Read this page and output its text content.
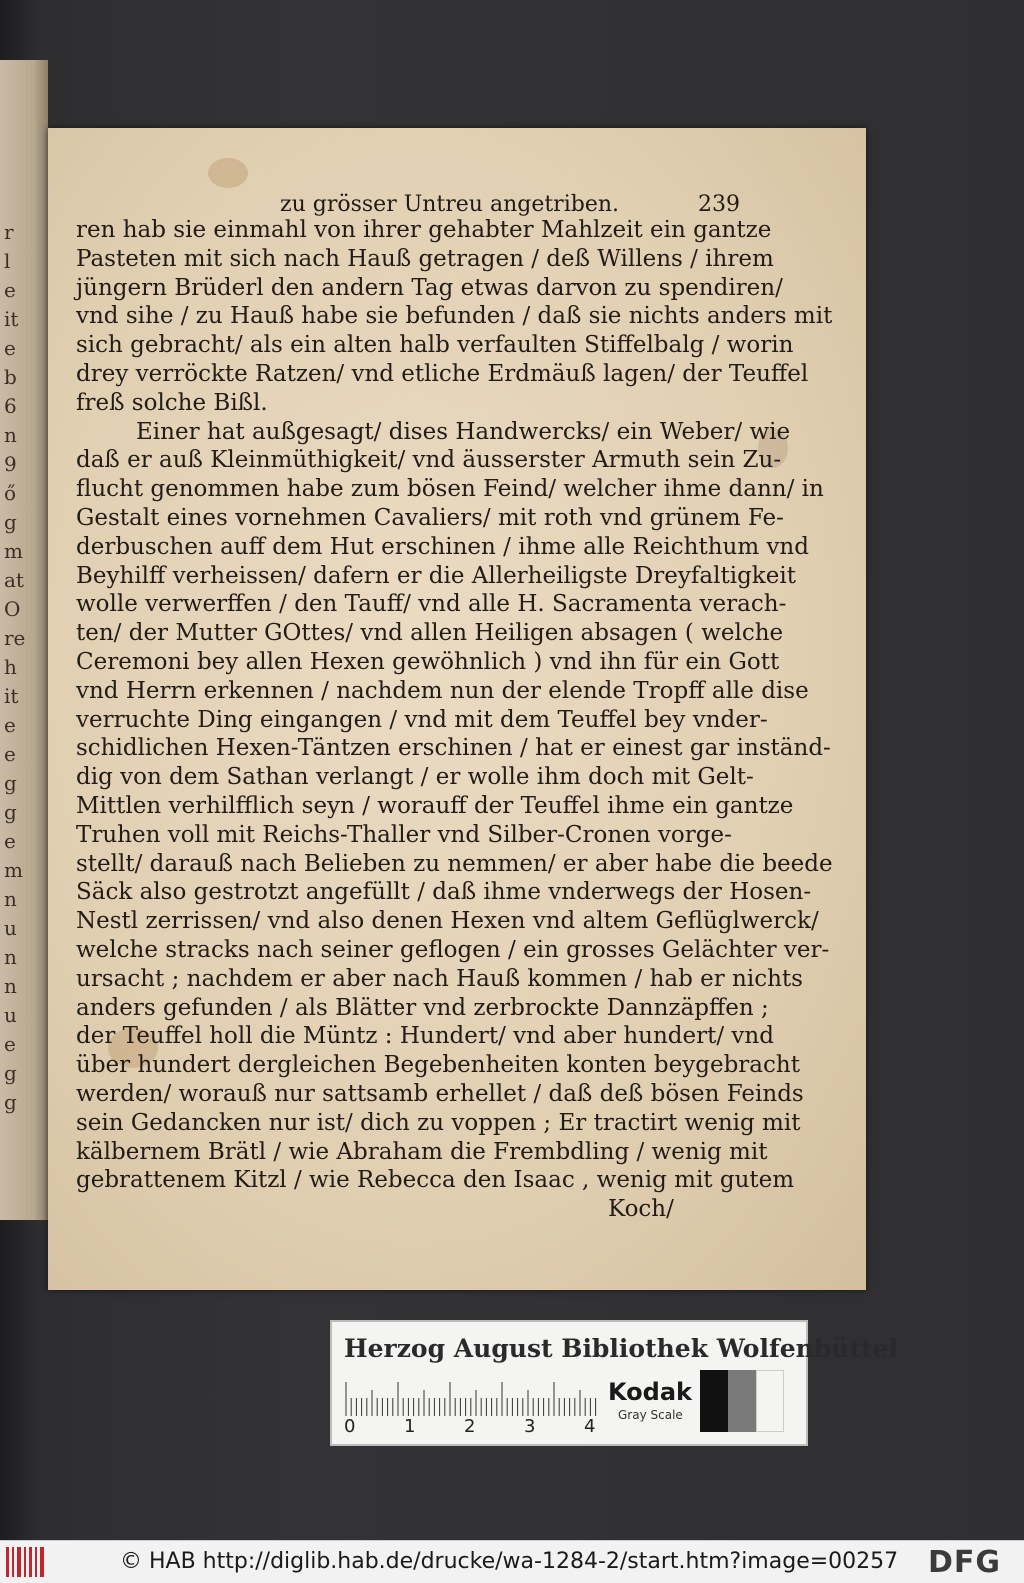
r
l
e
it
e
b
6
n
9
ő
g
m
at
O
re
h
it
e
e
g
g
e
m
n
u
n
n
u
e
g
g
zu grösser Untreu angetriben.	239
ren hab sie einmahl von ihrer gehabter Mahlzeit ein gantze
Pasteten mit sich nach Hauß getragen / deß Willens / ihrem
jüngern Brüderl den andern Tag etwas darvon zu spendiren/
vnd sihe / zu Hauß habe sie befunden / daß sie nichts anders mit
sich gebracht/ als ein alten halb verfaulten Stiffelbalg / worin
drey verröckte Ratzen/ vnd etliche Erdmäuß lagen/ der Teuffel
freß solche Bißl.
Einer hat außgesagt/ dises Handwercks/ ein Weber/ wie
daß er auß Kleinmüthigkeit/ vnd äusserster Armuth sein Zu-
flucht genommen habe zum bösen Feind/ welcher ihme dann/ in
Gestalt eines vornehmen Cavaliers/ mit roth vnd grünem Fe-
derbuschen auff dem Hut erschinen / ihme alle Reichthum vnd
Beyhilff verheissen/ dafern er die Allerheiligste Dreyfaltigkeit
wolle verwerffen / den Tauff/ vnd alle H. Sacramenta verach-
ten/ der Mutter GOttes/ vnd allen Heiligen absagen ( welche
Ceremoni bey allen Hexen gewöhnlich ) vnd ihn für ein Gott
vnd Herrn erkennen / nachdem nun der elende Tropff alle dise
verruchte Ding eingangen / vnd mit dem Teuffel bey vnder-
schidlichen Hexen-Täntzen erschinen / hat er einest gar inständ-
dig von dem Sathan verlangt / er wolle ihm doch mit Gelt-
Mittlen verhilfflich seyn / worauff der Teuffel ihme ein gantze
Truhen voll mit Reichs-Thaller vnd Silber-Cronen vorge-
stellt/ darauß nach Belieben zu nemmen/ er aber habe die beede
Säck also gestrotzt angefüllt / daß ihme vnderwegs der Hosen-
Nestl zerrissen/ vnd also denen Hexen vnd altem Geflüglwerck/
welche stracks nach seiner geflogen / ein grosses Gelächter ver-
ursacht ; nachdem er aber nach Hauß kommen / hab er nichts
anders gefunden / als Blätter vnd zerbrockte Dannzäpffen ;
der Teuffel holl die Müntz : Hundert/ vnd aber hundert/ vnd
über hundert dergleichen Begebenheiten konten beygebracht
werden/ worauß nur sattsamb erhellet / daß deß bösen Feinds
sein Gedancken nur ist/ dich zu voppen ; Er tractirt wenig mit
kälbernem Brätl / wie Abraham die Frembdling / wenig mit
gebrattenem Kitzl / wie Rebecca den Isaac , wenig mit gutem
Koch/
Herzog August Bibliothek Wolfenbüttel
0	1	2	3	4
Kodak
Gray Scale
© HAB http://diglib.hab.de/drucke/wa-1284-2/start.htm?image=00257 DFG
